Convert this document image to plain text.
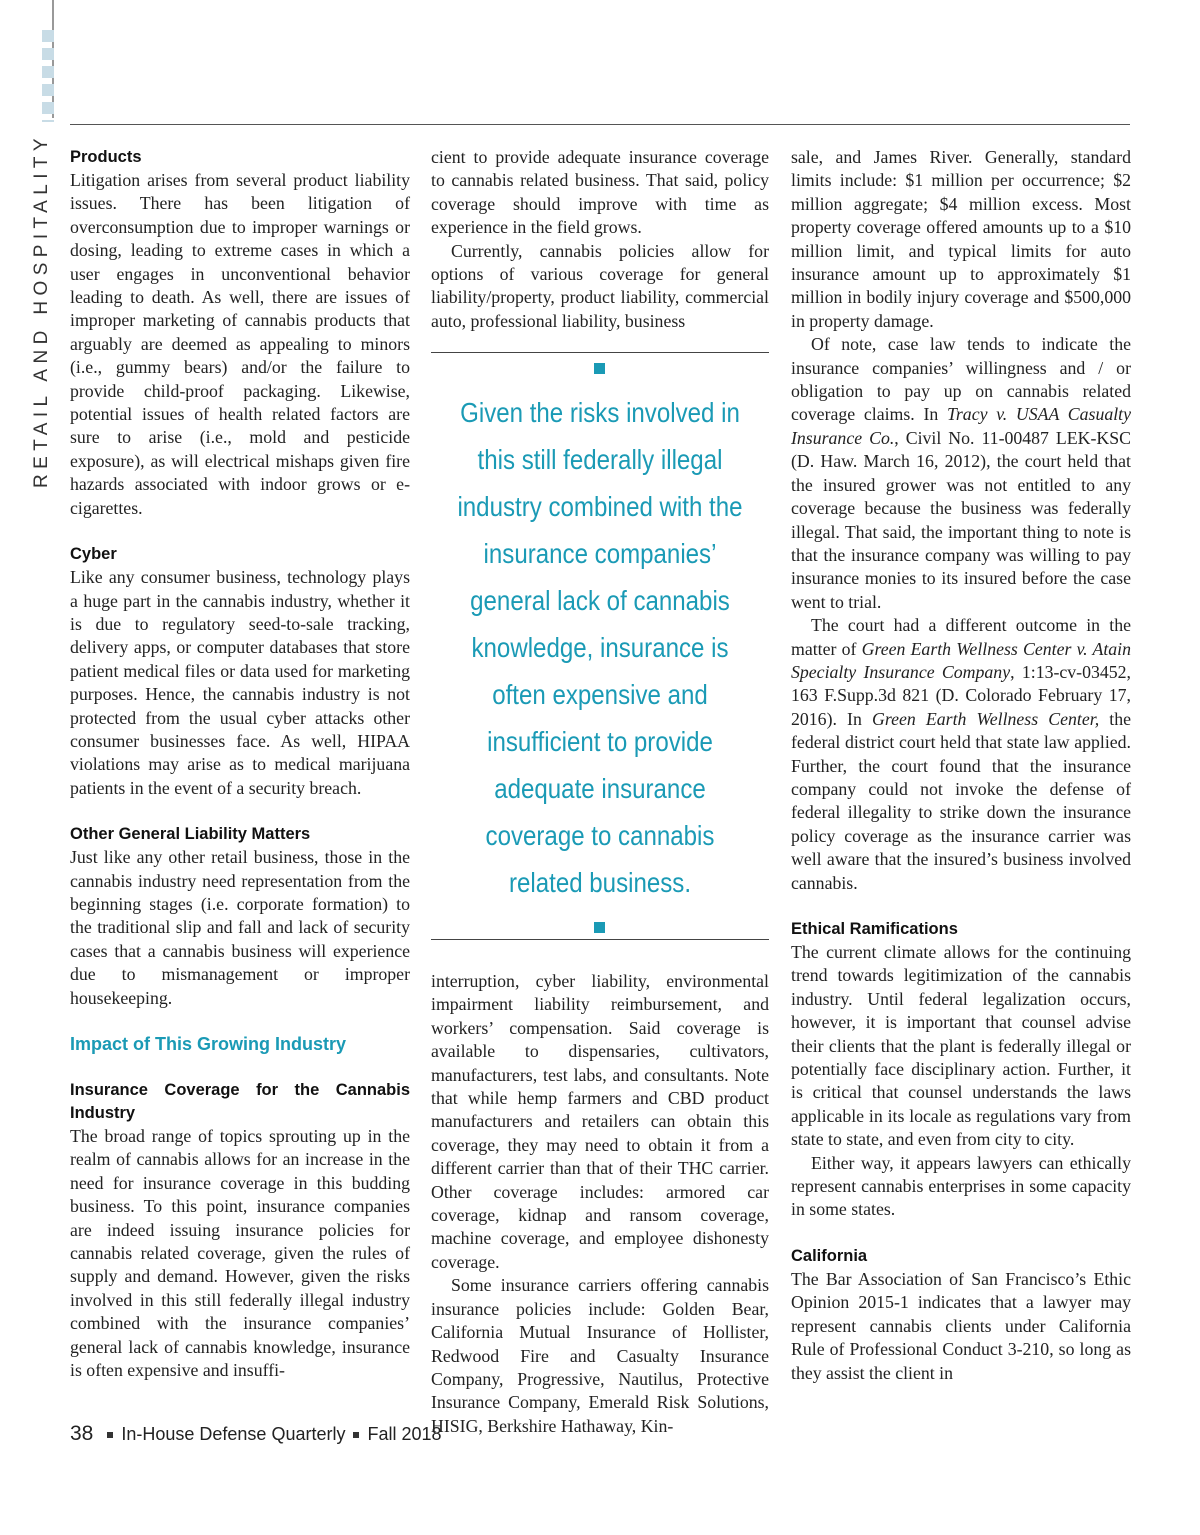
RETAIL AND HOSPITALITY	Products

Litigation arises from several product liability issues. There has been litigation of overconsumption due to improper warnings or dosing, leading to extreme cases in which a user engages in unconventional behavior leading to death. As well, there are issues of improper marketing of cannabis products that arguably are deemed as appealing to minors (i.e., gummy bears) and/or the failure to provide child-proof packaging. Likewise, potential issues of health related factors are sure to arise (i.e., mold and pesticide exposure), as will electrical mishaps given fire hazards associated with indoor grows or e-cigarettes.

Cyber

Like any consumer business, technology plays a huge part in the cannabis industry, whether it is due to regulatory seed-to-sale tracking, delivery apps, or computer databases that store patient medical files or data used for marketing purposes. Hence, the cannabis industry is not protected from the usual cyber attacks other consumer businesses face. As well, HIPAA violations may arise as to medical marijuana patients in the event of a security breach.

Other General Liability Matters

Just like any other retail business, those in the cannabis industry need representation from the beginning stages (i.e. corporate formation) to the traditional slip and fall and lack of security cases that a cannabis business will experience due to mismanagement or improper housekeeping.

Impact of This Growing Industry
Insurance Coverage for the Cannabis Industry

The broad range of topics sprouting up in the realm of cannabis allows for an increase in the need for insurance coverage in this budding business. To this point, insurance companies are indeed issuing insurance policies for cannabis related coverage, given the rules of supply and demand. However, given the risks involved in this still federally illegal industry combined with the insurance companies’ general lack of cannabis knowledge, insurance is often expensive and insuffi-

cient to provide adequate insurance coverage to cannabis related business. That said, policy coverage should improve with time as experience in the field grows.

Currently, cannabis policies allow for options of various coverage for general liability/property, product liability, commercial auto, professional liability, business

Given the risks involved in this still federally illegal industry combined with the insurance companies’ general lack of cannabis knowledge, insurance is often expensive and insufficient to provide adequate insurance coverage to cannabis related business.

interruption, cyber liability, environmental impairment liability reimbursement, and workers’ compensation. Said coverage is available to dispensaries, cultivators, manufacturers, test labs, and consultants. Note that while hemp farmers and CBD product manufacturers and retailers can obtain this coverage, they may need to obtain it from a different carrier than that of their THC carrier. Other coverage includes: armored car coverage, kidnap and ransom coverage, machine coverage, and employee dishonesty coverage.

Some insurance carriers offering cannabis insurance policies include: Golden Bear, California Mutual Insurance of Hollister, Redwood Fire and Casualty Insurance Company, Progressive, Nautilus, Protective Insurance Company, Emerald Risk Solutions, HISIG, Berkshire Hathaway, Kin-

sale, and James River. Generally, standard limits include: $1 million per occurrence; $2 million aggregate; $4 million excess. Most property coverage offered amounts up to a $10 million limit, and typical limits for auto insurance amount up to approximately $1 million in bodily injury coverage and $500,000 in property damage.

Of note, case law tends to indicate the insurance companies’ willingness and / or obligation to pay up on cannabis related coverage claims. In Tracy v. USAA Casualty Insurance Co., Civil No. 11-00487 LEK-KSC (D. Haw. March 16, 2012), the court held that the insured grower was not entitled to any coverage because the business was federally illegal. That said, the important thing to note is that the insurance company was willing to pay insurance monies to its insured before the case went to trial.

The court had a different outcome in the matter of Green Earth Wellness Center v. Atain Specialty Insurance Company, 1:13-cv-03452, 163 F.Supp.3d 821 (D. Colorado February 17, 2016). In Green Earth Wellness Center, the federal district court held that state law applied. Further, the court found that the insurance company could not invoke the defense of federal illegality to strike down the insurance policy coverage as the insurance carrier was well aware that the insured’s business involved cannabis.

Ethical Ramifications

The current climate allows for the continuing trend towards legitimization of the cannabis industry. Until federal legalization occurs, however, it is important that counsel advise their clients that the plant is federally illegal or potentially face disciplinary action. Further, it is critical that counsel understands the laws applicable in its locale as regulations vary from state to state, and even from city to city.

Either way, it appears lawyers can ethically represent cannabis enterprises in some capacity in some states.

California

The Bar Association of San Francisco’s Ethic Opinion 2015-1 indicates that a lawyer may represent cannabis clients under California Rule of Professional Conduct 3-210, so long as they assist the client in

38 In-House Defense Quarterly Fall 2018
